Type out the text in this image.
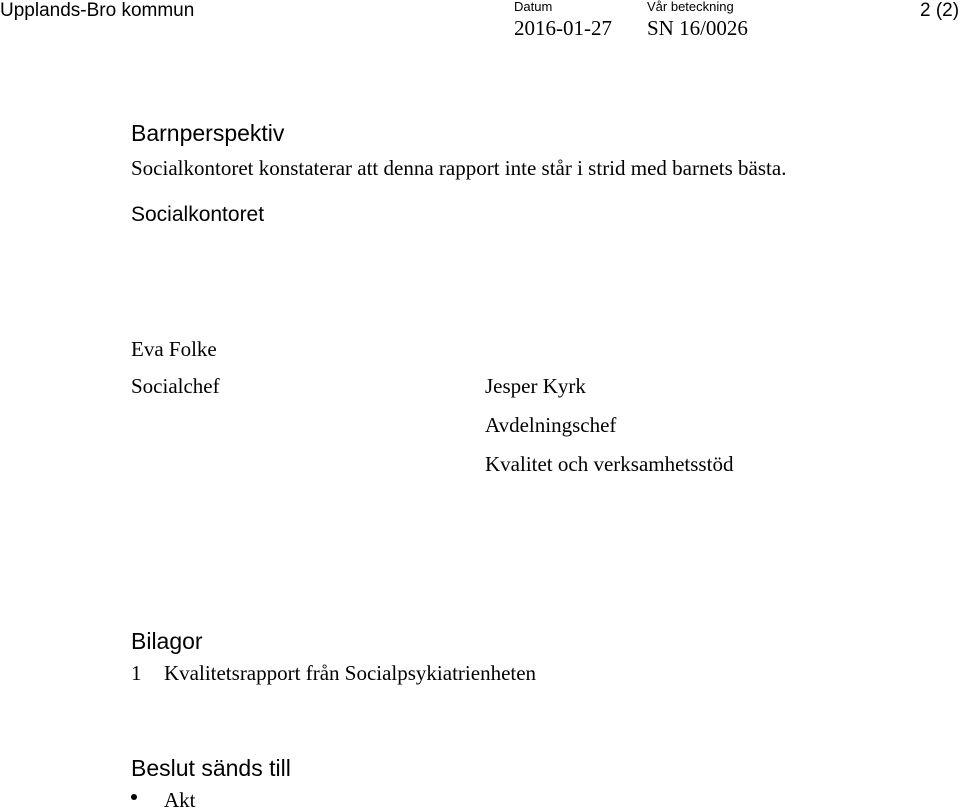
Upplands-Bro kommun	Datum
2016-01-27
Vår beteckning
SN 16/0026
2 (2)
Barnperspektiv
Socialkontoret konstaterar att denna rapport inte står i strid med barnets bästa.
Socialkontoret
Eva Folke
Socialchef	Jesper Kyrk
Avdelningschef
Kvalitet och verksamhetsstöd
Bilagor
1 Kvalitetsrapport från Socialpsykiatrienheten
Beslut sänds till
Akt
